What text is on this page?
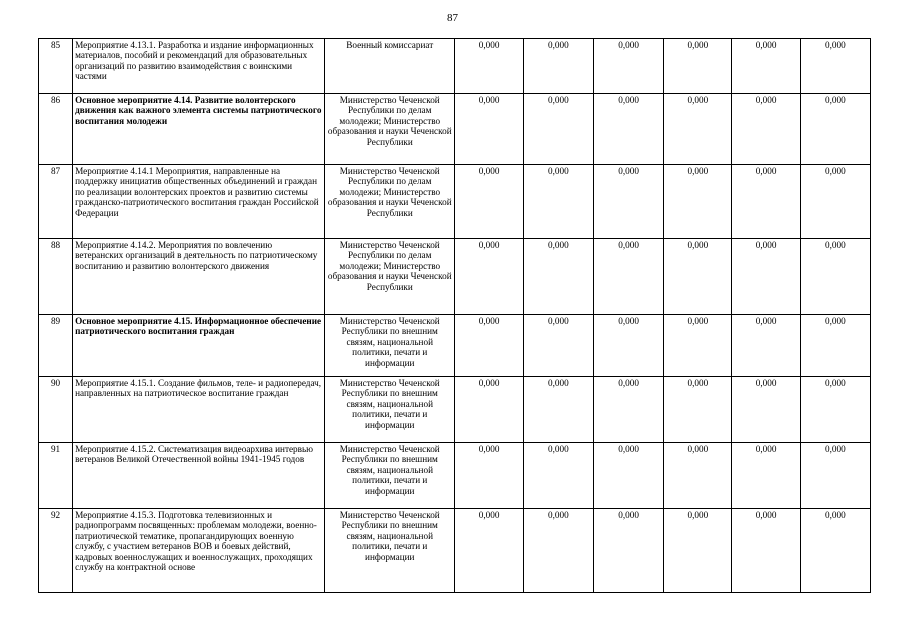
87
85	Мероприятие 4.13.1. Разработка и издание информационных материалов, пособий и рекомендаций для образовательных организаций по развитию взаимодействия с воинскими частями	Военный комиссариат	0,000	0,000	0,000	0,000	0,000	0,000
86	Основное мероприятие 4.14. Развитие волонтерского движения как важного элемента системы патриотического воспитания молодежи	Министерство Чеченской Республики по делам молодежи; Министерство образования и науки Чеченской Республики	0,000	0,000	0,000	0,000	0,000	0,000
87	Мероприятие 4.14.1 Мероприятия, направленные на поддержку инициатив общественных объединений и граждан по реализации волонтерских проектов и развитию системы гражданско-патриотического воспитания граждан Российской Федерации	Министерство Чеченской Республики по делам молодежи; Министерство образования и науки Чеченской Республики	0,000	0,000	0,000	0,000	0,000	0,000
88	Мероприятие 4.14.2. Мероприятия по вовлечению ветеранских организаций в деятельность по патриотическому воспитанию и развитию волонтерского движения	Министерство Чеченской Республики по делам молодежи; Министерство образования и науки Чеченской Республики	0,000	0,000	0,000	0,000	0,000	0,000
89	Основное мероприятие 4.15. Информационное обеспечение патриотического воспитания граждан	Министерство Чеченской Республики по внешним связям, национальной политики, печати и информации	0,000	0,000	0,000	0,000	0,000	0,000
90	Мероприятие 4.15.1. Создание фильмов, теле- и радиопередач, направленных на патриотическое воспитание граждан	Министерство Чеченской Республики по внешним связям, национальной политики, печати и информации	0,000	0,000	0,000	0,000	0,000	0,000
91	Мероприятие 4.15.2. Систематизация видеоархива интервью ветеранов Великой Отечественной войны 1941-1945 годов	Министерство Чеченской Республики по внешним связям, национальной политики, печати и информации	0,000	0,000	0,000	0,000	0,000	0,000
92	Мероприятие 4.15.3. Подготовка телевизионных и радиопрограмм посвященных: проблемам молодежи, военно-патриотической тематике, пропагандирующих военную службу, с участием ветеранов ВОВ и боевых действий, кадровых военнослужащих и военнослужащих, проходящих службу на контрактной основе	Министерство Чеченской Республики по внешним связям, национальной политики, печати и информации	0,000	0,000	0,000	0,000	0,000	0,000
